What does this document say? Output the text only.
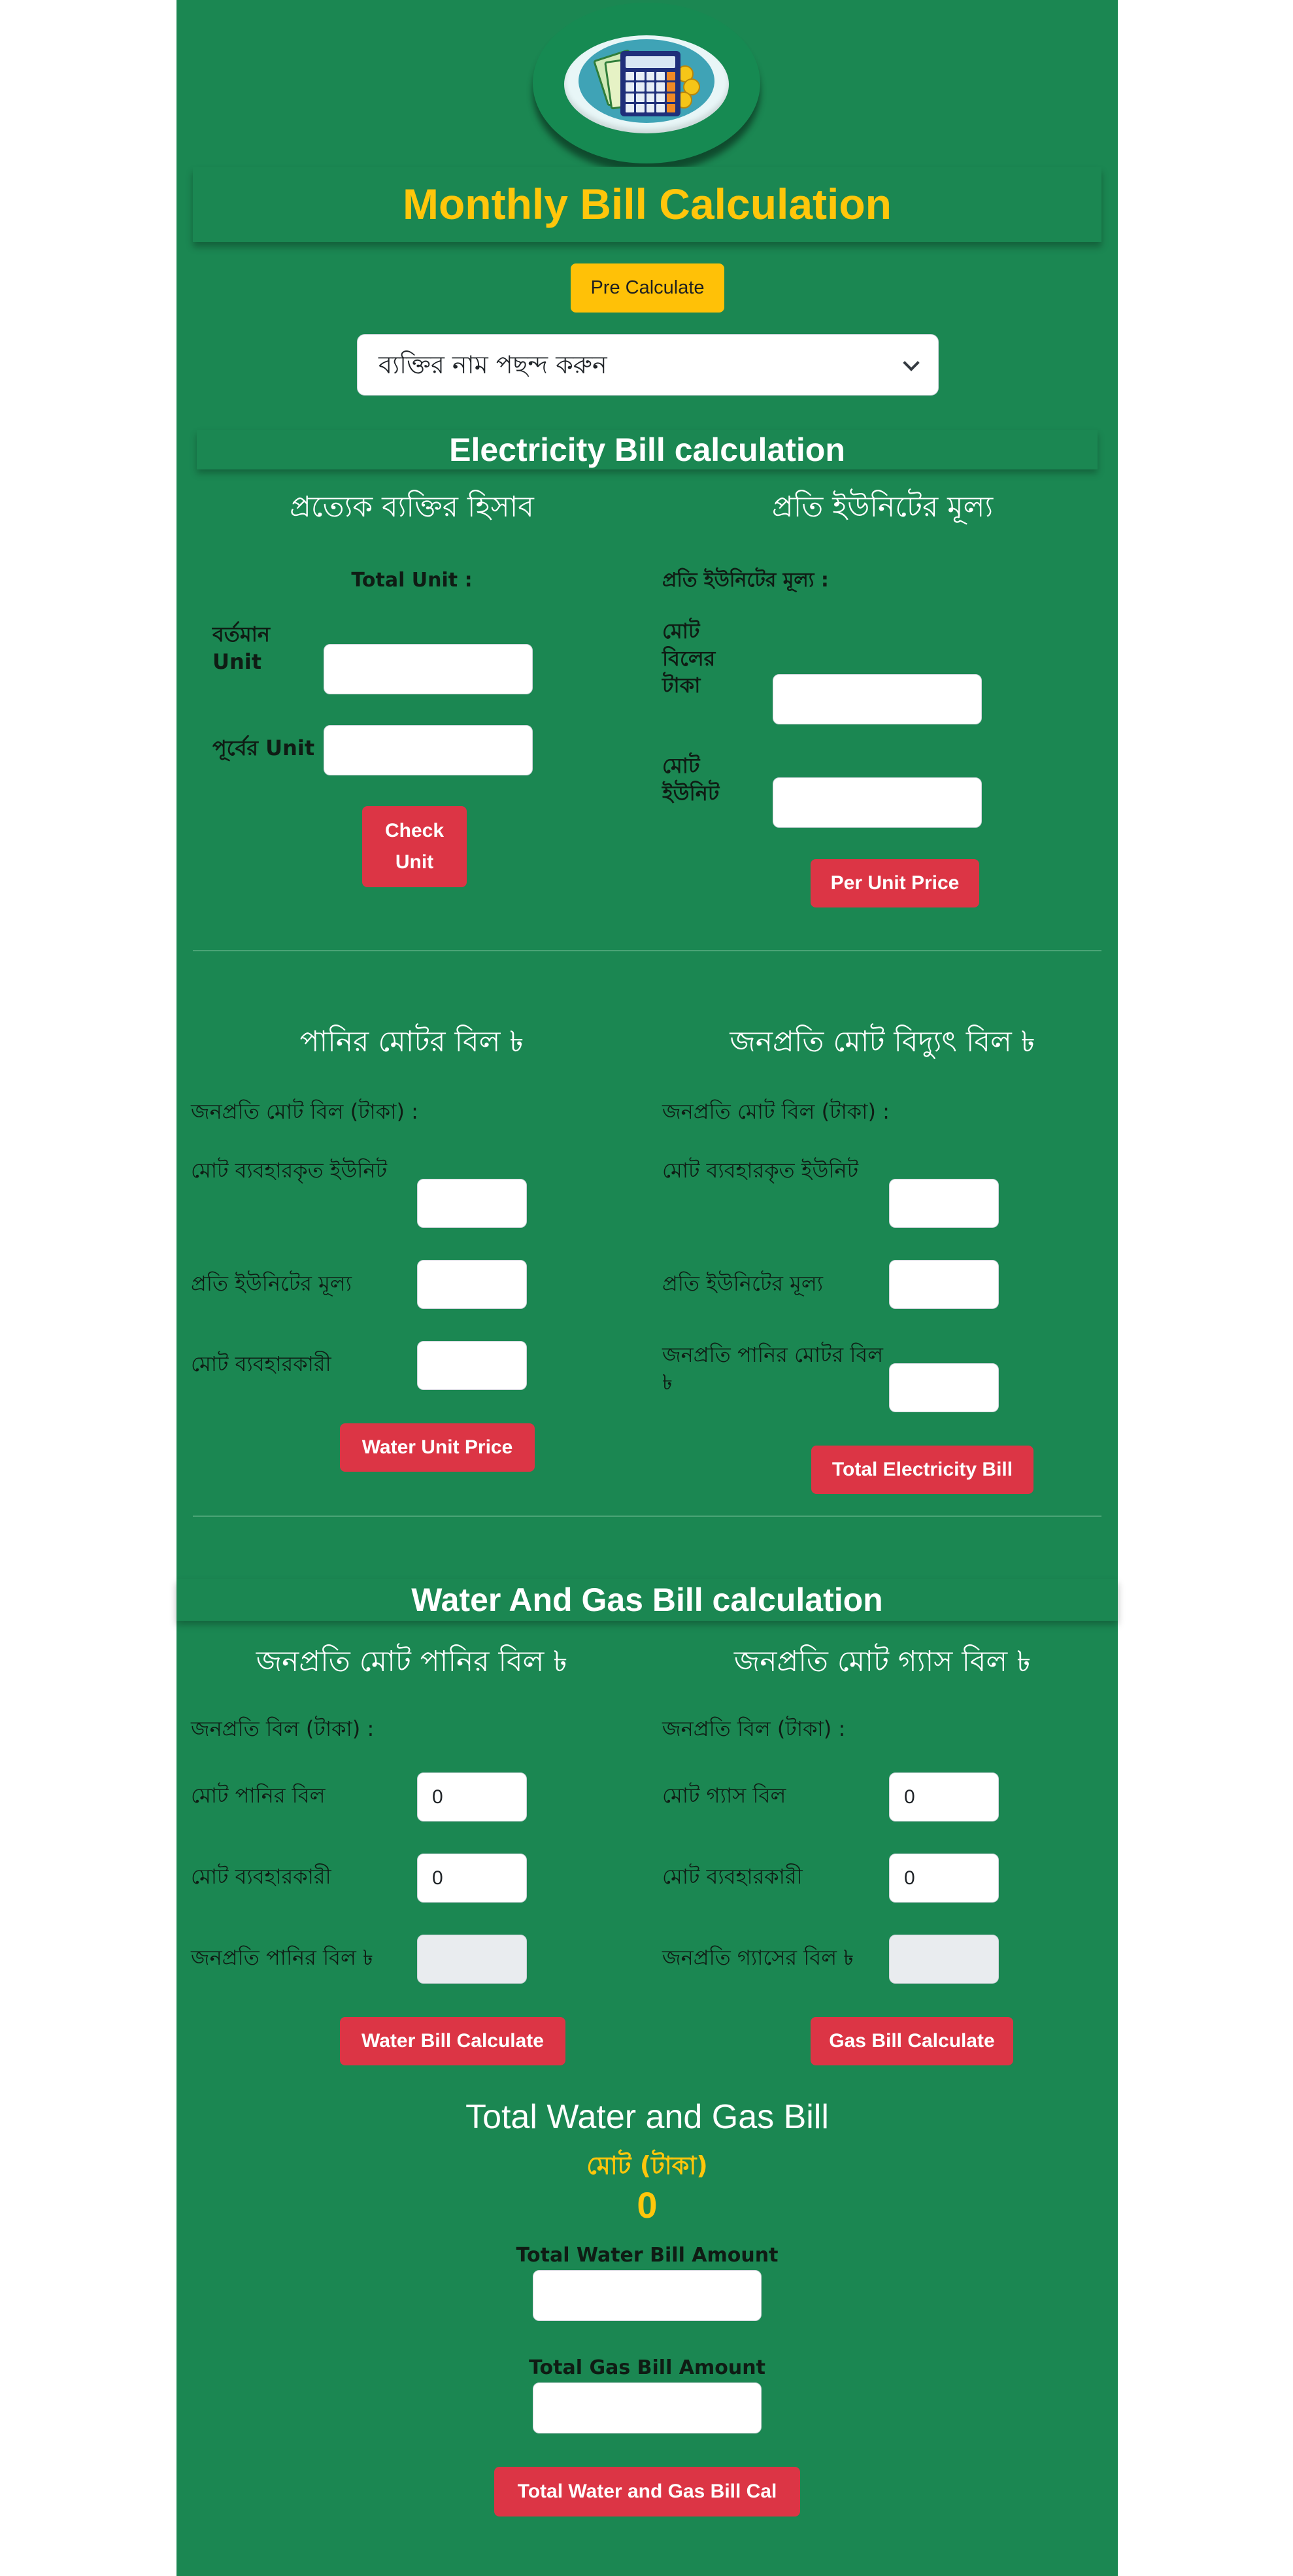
Monthly Bill Calculation
Pre Calculate
ব্যক্তির নাম পছন্দ করুন
Electricity Bill calculation
প্রত্যেক ব্যক্তির হিসাব
Total Unit :
বর্তমান Unit
পূর্বের Unit
Check Unit
প্রতি ইউনিটের মূল্য
প্রতি ইউনিটের মূল্য :
মোট বিলের টাকা
মোট ইউনিট
Per Unit Price
পানির মোটর বিল ৳
জনপ্রতি মোট বিল (টাকা) :
মোট ব্যবহারকৃত ইউনিট
প্রতি ইউনিটের মূল্য
মোট ব্যবহারকারী
Water Unit Price
জনপ্রতি মোট বিদ্যুৎ বিল ৳
জনপ্রতি মোট বিল (টাকা) :
মোট ব্যবহারকৃত ইউনিট
প্রতি ইউনিটের মূল্য
জনপ্রতি পানির মোটর বিল ৳
Total Electricity Bill
Water And Gas Bill calculation
জনপ্রতি মোট পানির বিল ৳
জনপ্রতি বিল (টাকা) :
মোট পানির বিল
0
মোট ব্যবহারকারী
0
জনপ্রতি পানির বিল ৳
Water Bill Calculate
জনপ্রতি মোট গ্যাস বিল ৳
জনপ্রতি বিল (টাকা) :
মোট গ্যাস বিল
0
মোট ব্যবহারকারী
0
জনপ্রতি গ্যাসের বিল ৳
Gas Bill Calculate
Total Water and Gas Bill
মোট (টাকা)
0
Total Water Bill Amount
Total Gas Bill Amount
Total Water and Gas Bill Cal
